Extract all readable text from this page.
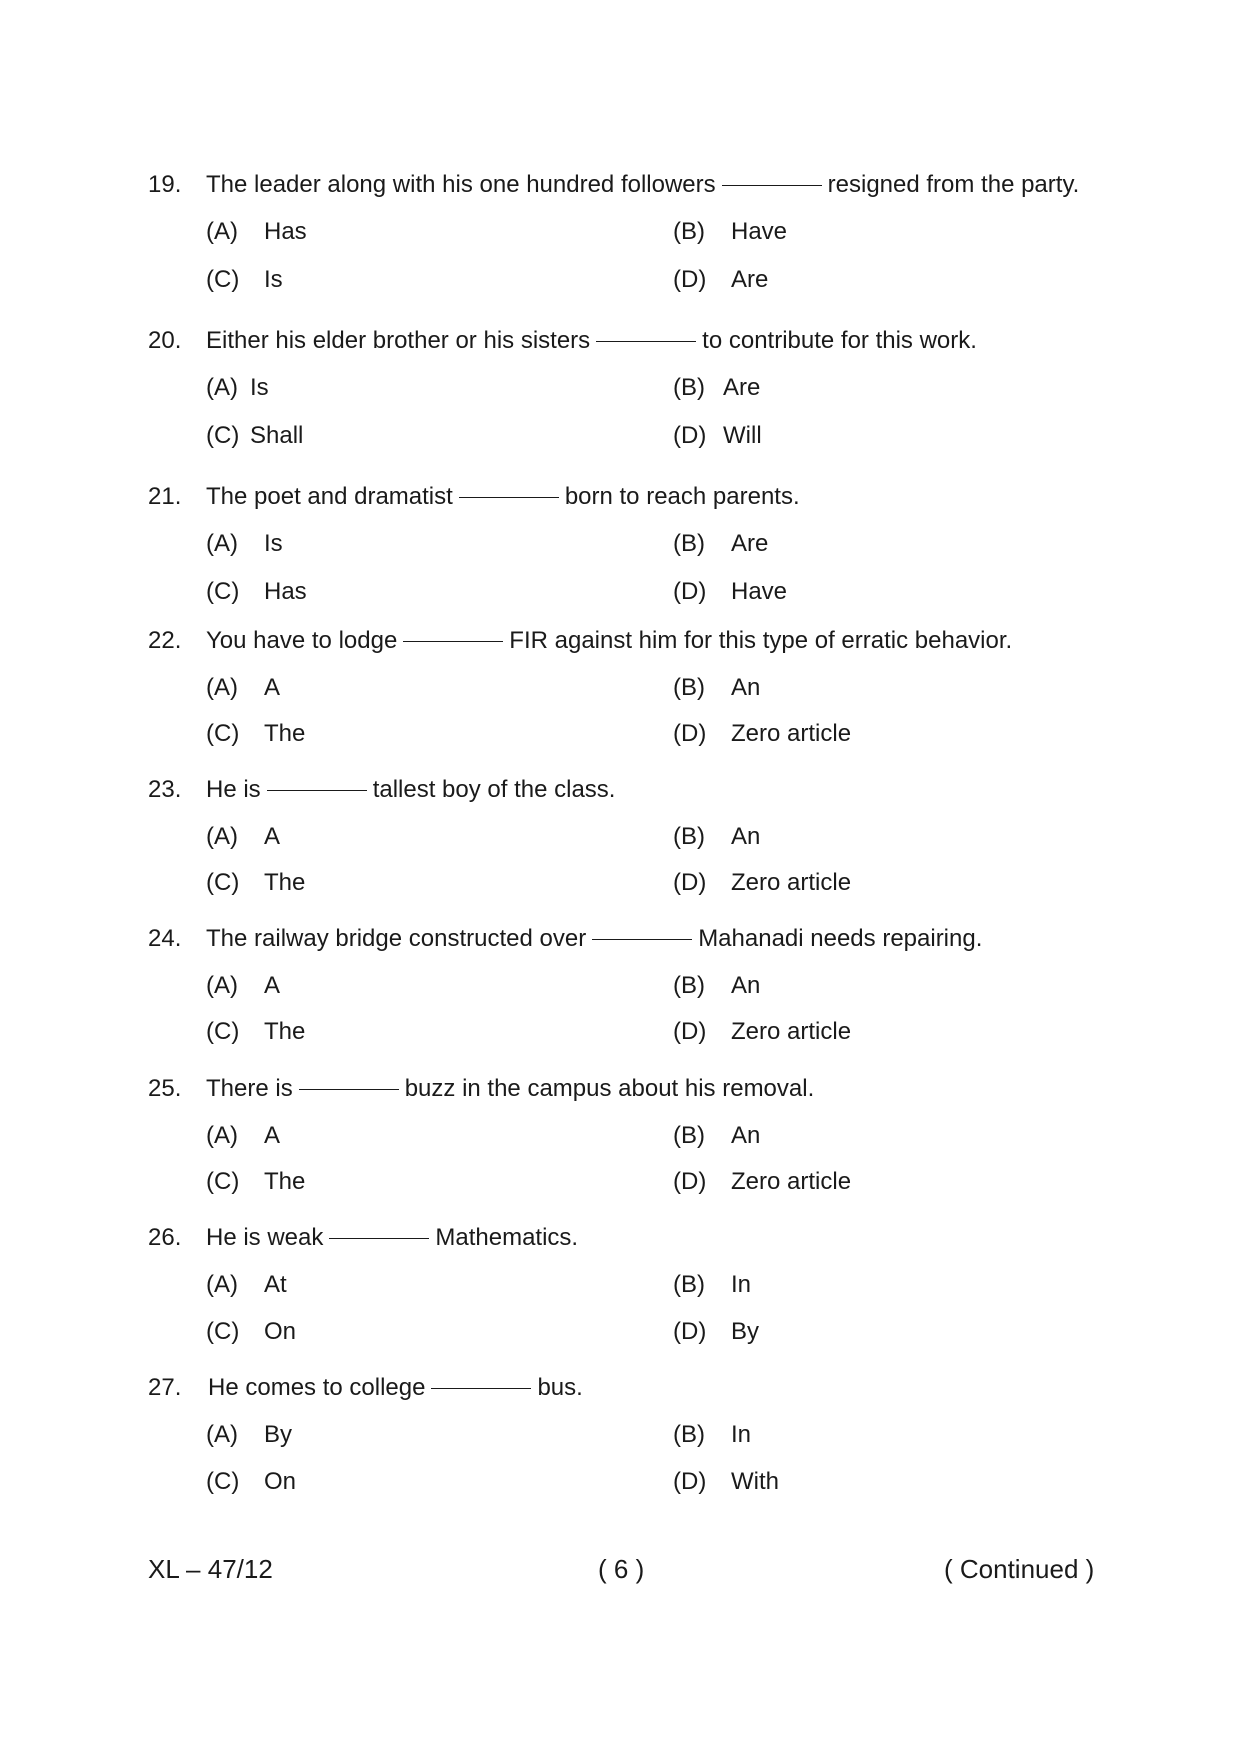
19. The leader along with his one hundred followers	resigned from the party.
(A) Has	(B) Have
(C) Is	(D) Are
20. Either his elder brother or his sisters	to contribute for this work.
(A) Is	(B) Are
(C) Shall	(D) Will
21. The poet and dramatist	born to reach parents.
(A) Is	(B) Are
(C) Has	(D) Have
22. You have to lodge	FIR against him for this type of erratic behavior.
(A) A	(B) An
(C) The	(D) Zero article
23. He is	tallest boy of the class.
(A) A	(B) An
(C) The	(D) Zero article
24. The railway bridge constructed over	Mahanadi needs repairing.
(A) A	(B) An
(C) The	(D) Zero article
25. There is	buzz in the campus about his removal.
(A) A	(B) An
(C) The	(D) Zero article
26. He is weak	Mathematics.
(A) At	(B) In
(C) On	(D) By
27. He comes to college	bus.
(A) By	(B) In
(C) On	(D) With
XL – 47/12	( 6 )	( Continued )
